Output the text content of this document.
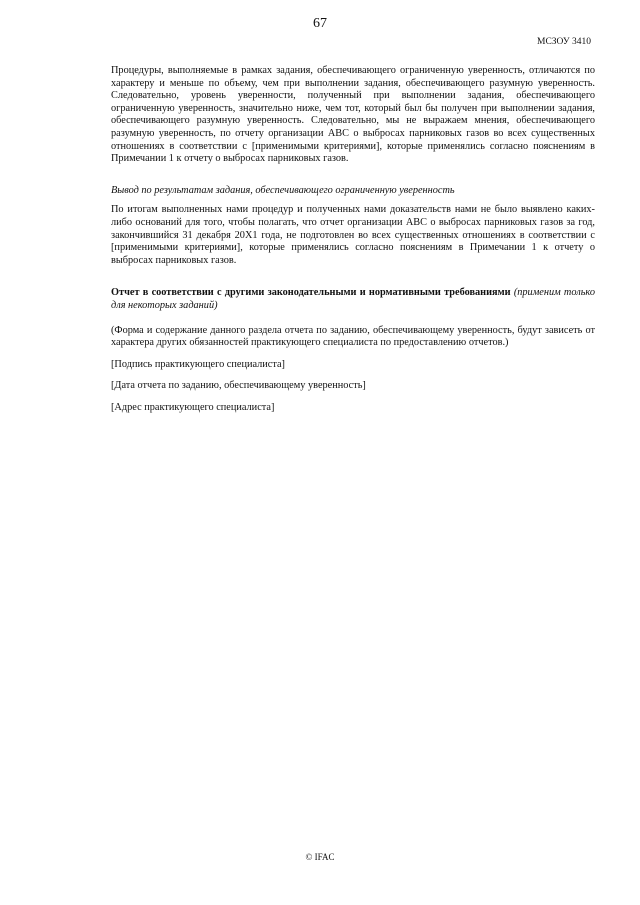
67
МСЗОУ 3410

Процедуры, выполняемые в рамках задания, обеспечивающего ограниченную уверенность, отличаются по характеру и меньше по объему, чем при выполнении задания, обеспечивающего разумную уверенность. Следовательно, уровень уверенности, полученный при выполнении задания, обеспечивающего ограниченную уверенность, значительно ниже, чем тот, который был бы получен при выполнении задания, обеспечивающего разумную уверенность. Следовательно, мы не выражаем мнения, обеспечивающего разумную уверенность, по отчету организации ABC о выбросах парниковых газов во всех существенных отношениях в соответствии с [применимыми критериями], которые применялись согласно пояснениям в Примечании 1 к отчету о выбросах парниковых газов.

Вывод по результатам задания, обеспечивающего ограниченную уверенность

По итогам выполненных нами процедур и полученных нами доказательств нами не было выявлено каких-либо оснований для того, чтобы полагать, что отчет организации ABC о выбросах парниковых газов за год, закончившийся 31 декабря 20X1 года, не подготовлен во всех существенных отношениях в соответствии с [применимыми критериями], которые применялись согласно пояснениям в Примечании 1 к отчету о выбросах парниковых газов.

Отчет в соответствии с другими законодательными и нормативными требованиями (применим только для некоторых заданий)

(Форма и содержание данного раздела отчета по заданию, обеспечивающему уверенность, будут зависеть от характера других обязанностей практикующего специалиста по предоставлению отчетов.)

[Подпись практикующего специалиста]

[Дата отчета по заданию, обеспечивающему уверенность]

[Адрес практикующего специалиста]

© IFAC
